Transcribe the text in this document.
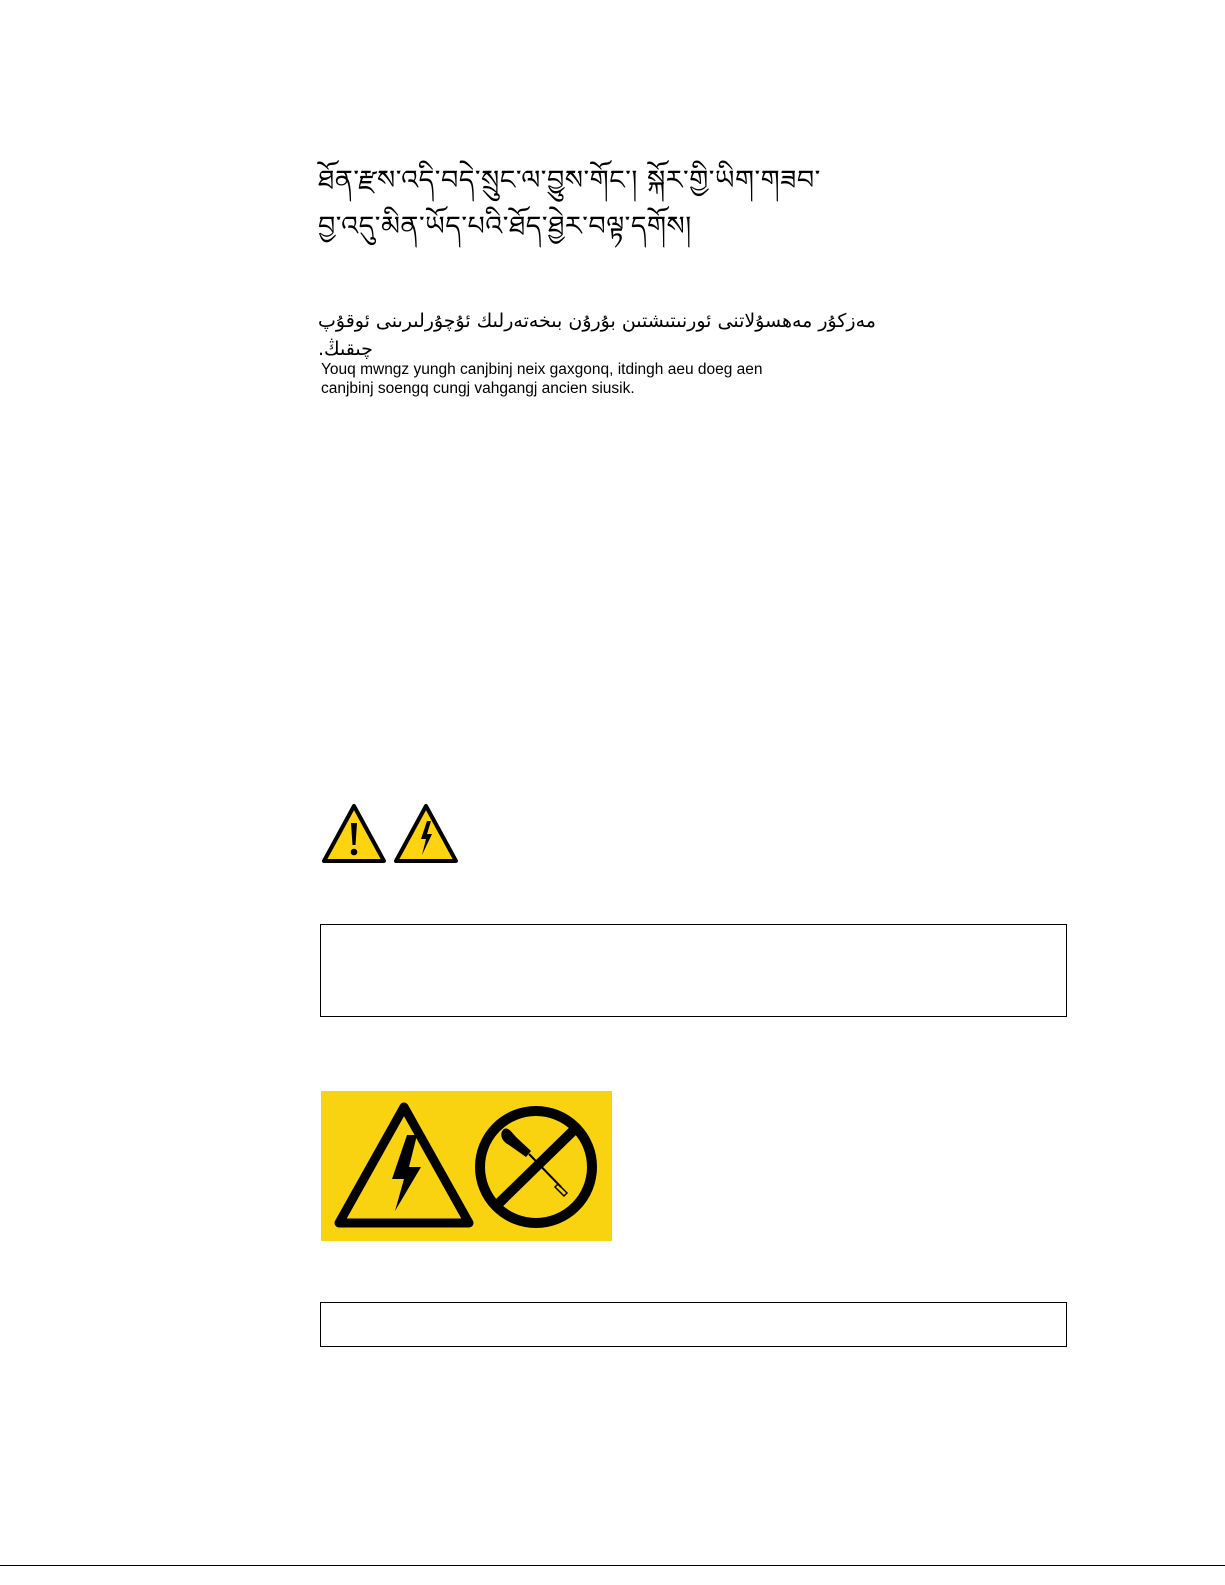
ཐོན་རྫས་འདི་བདེ་སྲུང་ལ་བྱུས་གོང་། སྐོར་གྱི་ཡིག་གཟབ་
བྱ་འདུ་མིན་ཡོད་པའི་ཐོད་ཐྱེར་བལྟ་དགོས།
مەزكۇر مەھسۇلاتنى ئورنىتىشتىن بۇرۇن بىخەتەرلىك ئۇچۇرلىرىنى ئوقۇپ چىقىڭ.
Youq mwngz yungh canjbinj neix gaxgonq, itdingh aeu doeg aen
canjbinj soengq cungj vahgangj ancien siusik.
